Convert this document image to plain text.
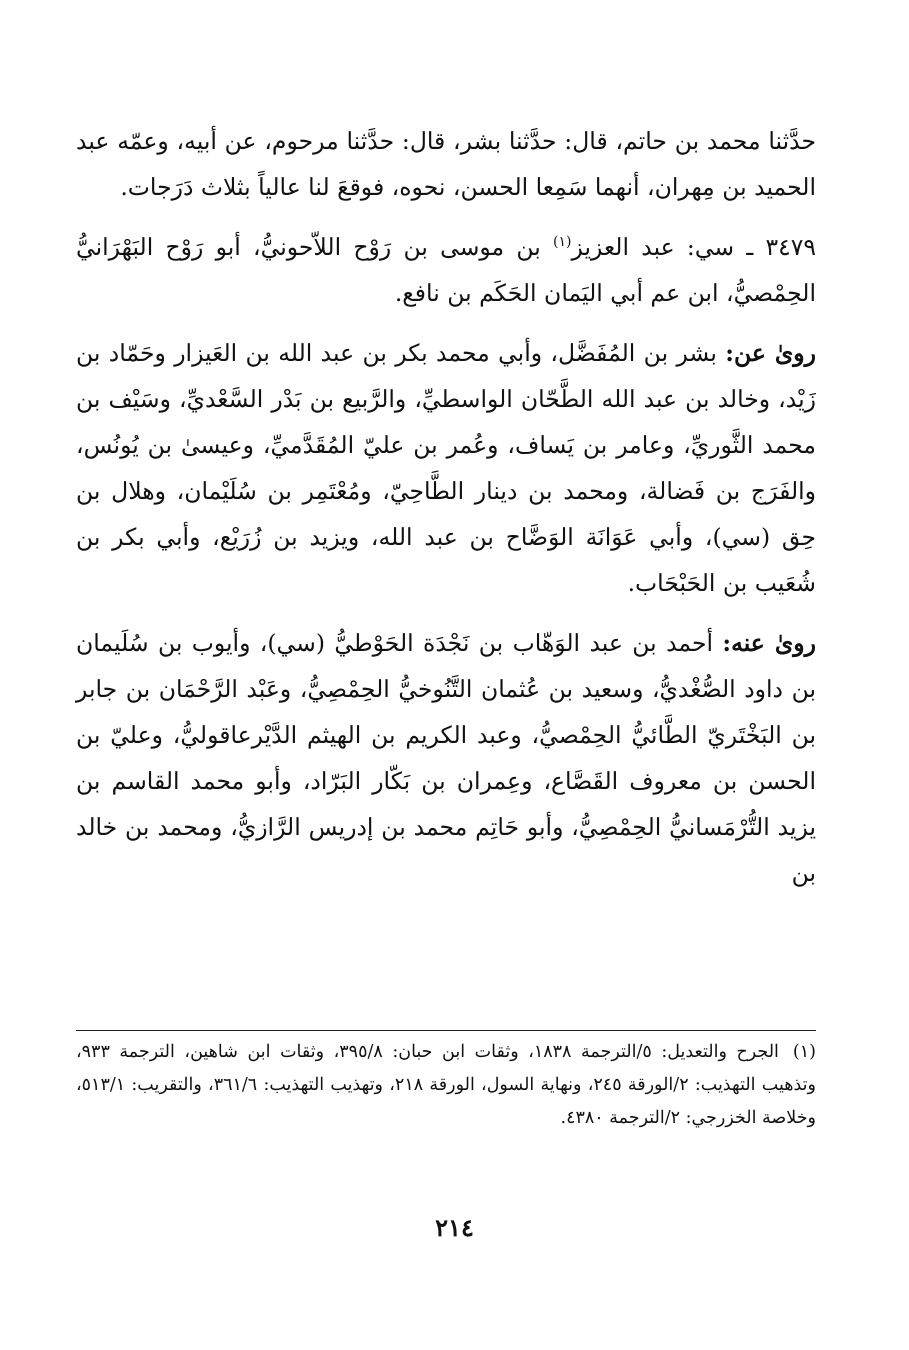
حدَّثنا محمد بن حاتم، قال: حدَّثنا بشر، قال: حدَّثنا مرحوم، عن أبيه، وعمّه عبد الحميد بن مِهران، أنهما سَمِعا الحسن، نحوه، فوقعَ لنا عالياً بثلاث دَرَجات.

٣٤٧٩ ـ سي: عبد العزيز$^{(١)}$ بن موسى بن رَوْح اللاّحونيُّ، أبو رَوْح البَهْرَانيُّ الحِمْصيُّ، ابن عم أبي اليَمان الحَكَم بن نافع.

روىٰ عن: بشر بن المُفَضَّل، وأبي محمد بكر بن عبد الله بن العَيزار وحَمّاد بن زَيْد، وخالد بن عبد الله الطَّحّان الواسطيِّ، والرَّبيع بن بَدْر السَّعْديِّ، وسَيْف بن محمد الثَّوريِّ، وعامر بن يَساف، وعُمر بن عليّ المُقَدَّميِّ، وعيسىٰ بن يُونُس، والفَرَج بن فَضالة، ومحمد بن دينار الطَّاحِيّ، ومُعْتَمِر بن سُلَيْمان، وهلال بن حِق (سي)، وأبي عَوَانَة الوَضَّاح بن عبد الله، ويزيد بن زُرَيْع، وأبي بكر بن شُعَيب بن الحَبْحَاب.

روىٰ عنه: أحمد بن عبد الوَهّاب بن نَجْدَة الحَوْطيُّ (سي)، وأيوب بن سُلَيمان بن داود الصُّغْديُّ، وسعيد بن عُثمان التَّنُوخيُّ الحِمْصِيُّ، وعَبْد الرَّحْمَان بن جابر بن البَخْتَريّ الطَّائيُّ الحِمْصيُّ، وعبد الكريم بن الهيثم الدَّيْرعاقوليُّ، وعليّ بن الحسن بن معروف القَصَّاع، وعِمران بن بَكّار البَرّاد، وأبو محمد القاسم بن يزيد التُّرْمَسانيُّ الحِمْصِيُّ، وأبو حَاتِم محمد بن إدريس الرَّازيُّ، ومحمد بن خالد بن

(١)الجرح والتعديل: ٥/الترجمة ١٨٣٨، وثقات ابن حبان: ٣٩٥/٨، وثقات ابن شاهين، الترجمة ٩٣٣، وتذهيب التهذيب: ٢/الورقة ٢٤٥، ونهاية السول، الورقة ٢١٨، وتهذيب التهذيب: ٣٦١/٦، والتقريب: ٥١٣/١، وخلاصة الخزرجي: ٢/الترجمة ٤٣٨٠.
٢١٤
